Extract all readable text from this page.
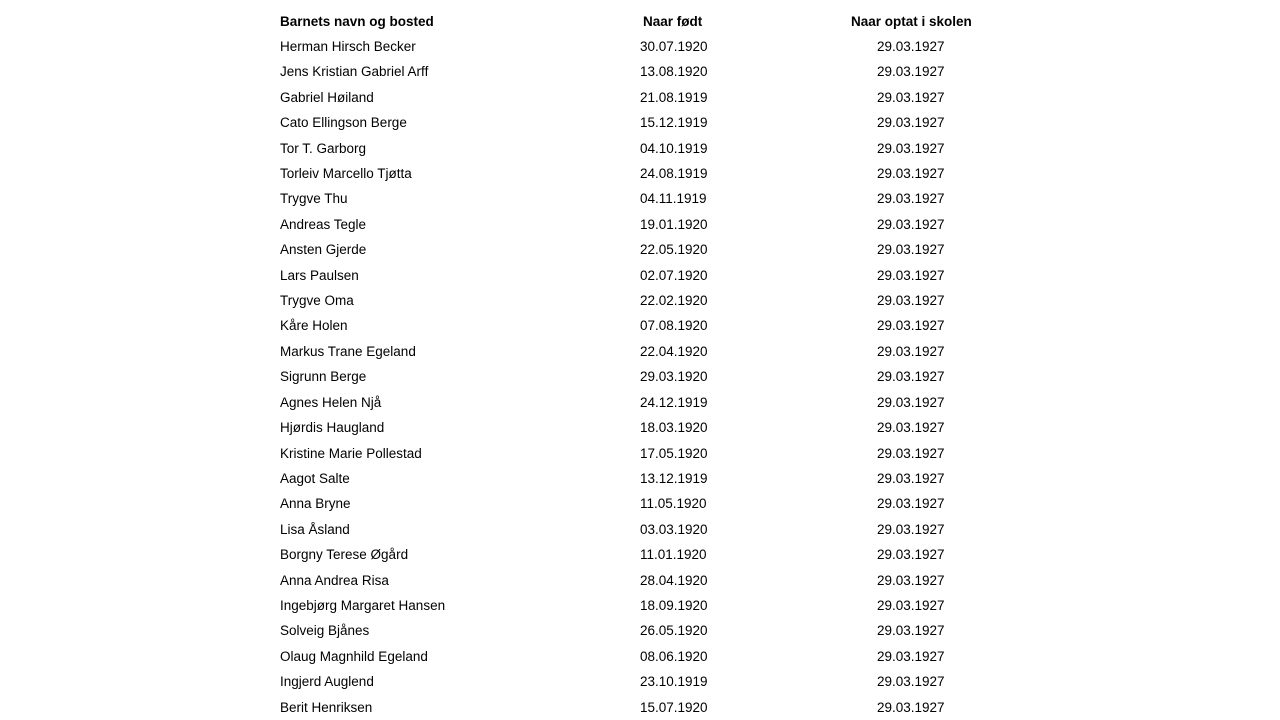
Barnets navn og bosted	Naar født	Naar optat i skolen
Herman Hirsch Becker	30.07.1920	29.03.1927
Jens Kristian Gabriel Arff	13.08.1920	29.03.1927
Gabriel Høiland	21.08.1919	29.03.1927
Cato Ellingson Berge	15.12.1919	29.03.1927
Tor T. Garborg	04.10.1919	29.03.1927
Torleiv Marcello Tjøtta	24.08.1919	29.03.1927
Trygve Thu	04.11.1919	29.03.1927
Andreas Tegle	19.01.1920	29.03.1927
Ansten Gjerde	22.05.1920	29.03.1927
Lars Paulsen	02.07.1920	29.03.1927
Trygve Oma	22.02.1920	29.03.1927
Kåre Holen	07.08.1920	29.03.1927
Markus Trane Egeland	22.04.1920	29.03.1927
Sigrunn Berge	29.03.1920	29.03.1927
Agnes Helen Njå	24.12.1919	29.03.1927
Hjørdis Haugland	18.03.1920	29.03.1927
Kristine Marie Pollestad	17.05.1920	29.03.1927
Aagot Salte	13.12.1919	29.03.1927
Anna Bryne	11.05.1920	29.03.1927
Lisa Åsland	03.03.1920	29.03.1927
Borgny Terese Øgård	11.01.1920	29.03.1927
Anna Andrea Risa	28.04.1920	29.03.1927
Ingebjørg Margaret Hansen	18.09.1920	29.03.1927
Solveig Bjånes	26.05.1920	29.03.1927
Olaug Magnhild Egeland	08.06.1920	29.03.1927
Ingjerd Auglend	23.10.1919	29.03.1927
Berit Henriksen	15.07.1920	29.03.1927
